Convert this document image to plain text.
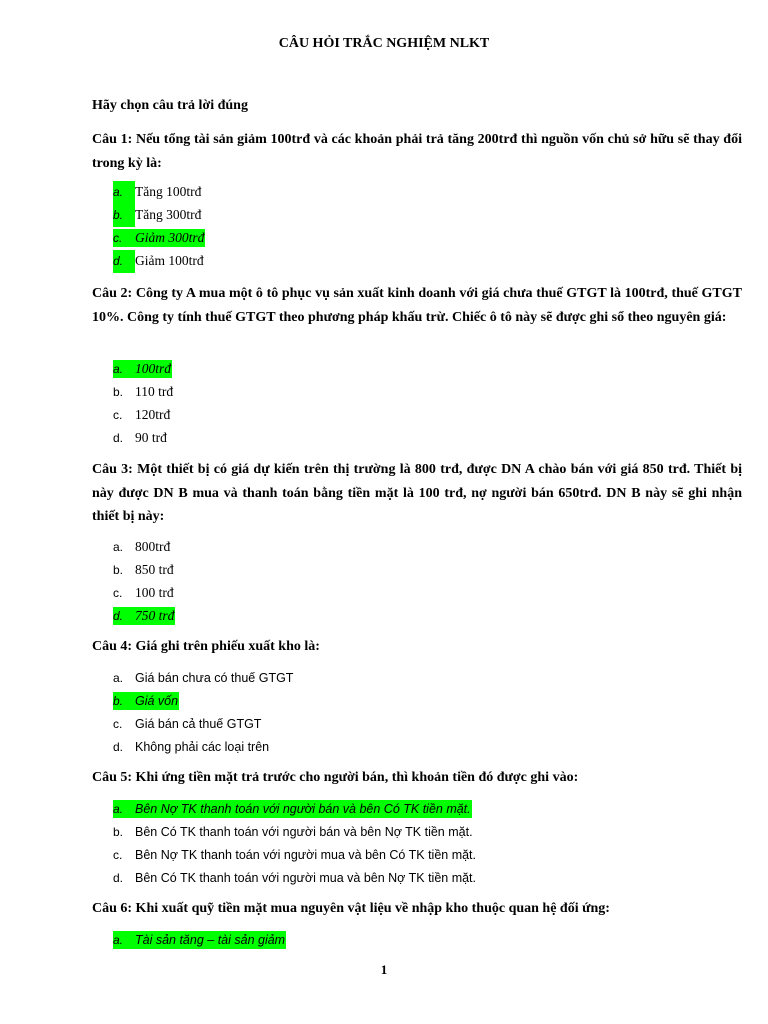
CÂU HỎI TRẮC NGHIỆM NLKT
Hãy chọn câu trả lời đúng
Câu 1: Nếu tổng tài sản giảm 100trđ và các khoản phải trả tăng 200trđ thì nguồn vốn chủ sở hữu sẽ thay đổi trong kỳ là:
a. Tăng 100trđ
b. Tăng 300trđ
c. Giảm 300trđ
d. Giảm 100trđ
Câu 2: Công ty A mua một ô tô phục vụ sản xuất kinh doanh với giá chưa thuế GTGT là 100trđ, thuế GTGT 10%. Công ty tính thuế GTGT theo phương pháp khấu trừ. Chiếc ô tô này sẽ được ghi sổ theo nguyên giá:
a. 100trđ
b. 110 trđ
c. 120trđ
d. 90 trđ
Câu 3: Một thiết bị có giá dự kiến trên thị trường là 800 trđ, được DN A chào bán với giá 850 trđ. Thiết bị này được DN B mua và thanh toán bằng tiền mặt là 100 trđ, nợ người bán 650trđ. DN B này sẽ ghi nhận thiết bị này:
a. 800trđ
b. 850 trđ
c. 100 trđ
d. 750 trđ
Câu 4: Giá ghi trên phiếu xuất kho là:
a. Giá bán chưa có thuế GTGT
b. Giá vốn
c. Giá bán cả thuế GTGT
d. Không phải các loại trên
Câu 5: Khi ứng tiền mặt trả trước cho người bán, thì khoản tiền đó được ghi vào:
a. Bên Nợ TK thanh toán với người bán và bên Có TK tiền mặt.
b. Bên Có TK thanh toán với người bán và bên Nợ TK tiền mặt.
c. Bên Nợ TK thanh toán với người mua và bên Có TK tiền mặt.
d. Bên Có TK thanh toán với người mua và bên Nợ TK tiền mặt.
Câu 6: Khi xuất quỹ tiền mặt mua nguyên vật liệu về nhập kho thuộc quan hệ đối ứng:
a. Tài sản tăng – tài sản giảm
1
